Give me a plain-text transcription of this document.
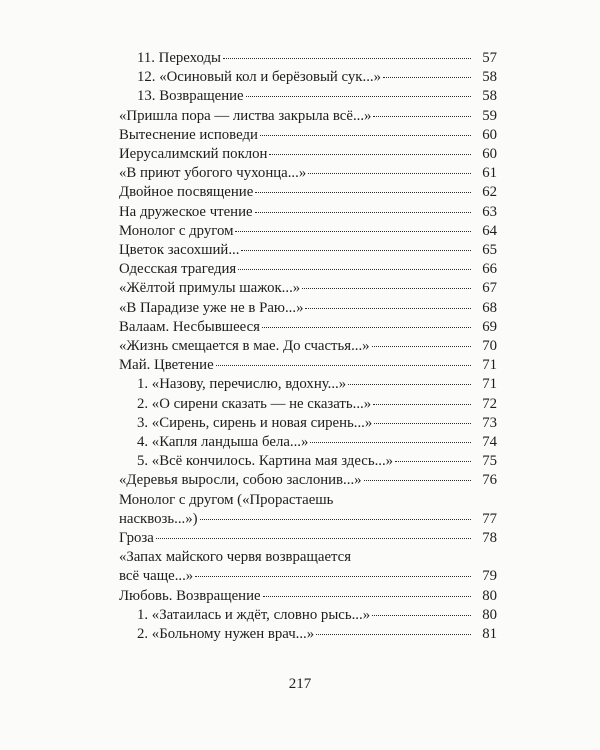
11. Переходы	57
12. «Осиновый кол и берёзовый сук...»	58
13. Возвращение	58
«Пришла пора — листва закрыла всё...»	59
Вытеснение исповеди	60
Иерусалимский поклон	60
«В приют убогого чухонца...»	61
Двойное посвящение	62
На дружеское чтение	63
Монолог с другом	64
Цветок засохший...	65
Одесская трагедия	66
«Жёлтой примулы шажок...»	67
«В Парадизе уже не в Раю...»	68
Валаам. Несбывшееся	69
«Жизнь смещается в мае. До счастья...»	70
Май. Цветение	71
1. «Назову, перечислю, вдохну...»	71
2. «О сирени сказать — не сказать...»	72
3. «Сирень, сирень и новая сирень...»	73
4. «Капля ландыша бела...»	74
5. «Всё кончилось. Картина мая здесь...»	75
«Деревья выросли, собою заслонив...»	76
Монолог с другом («Прорастаешь
насквозь...»)	77
Гроза	78
«Запах майского червя возвращается
всё чаще...»	79
Любовь. Возвращение	80
1. «Затаилась и ждёт, словно рысь...»	80
2. «Больному нужен врач...»	81
217
